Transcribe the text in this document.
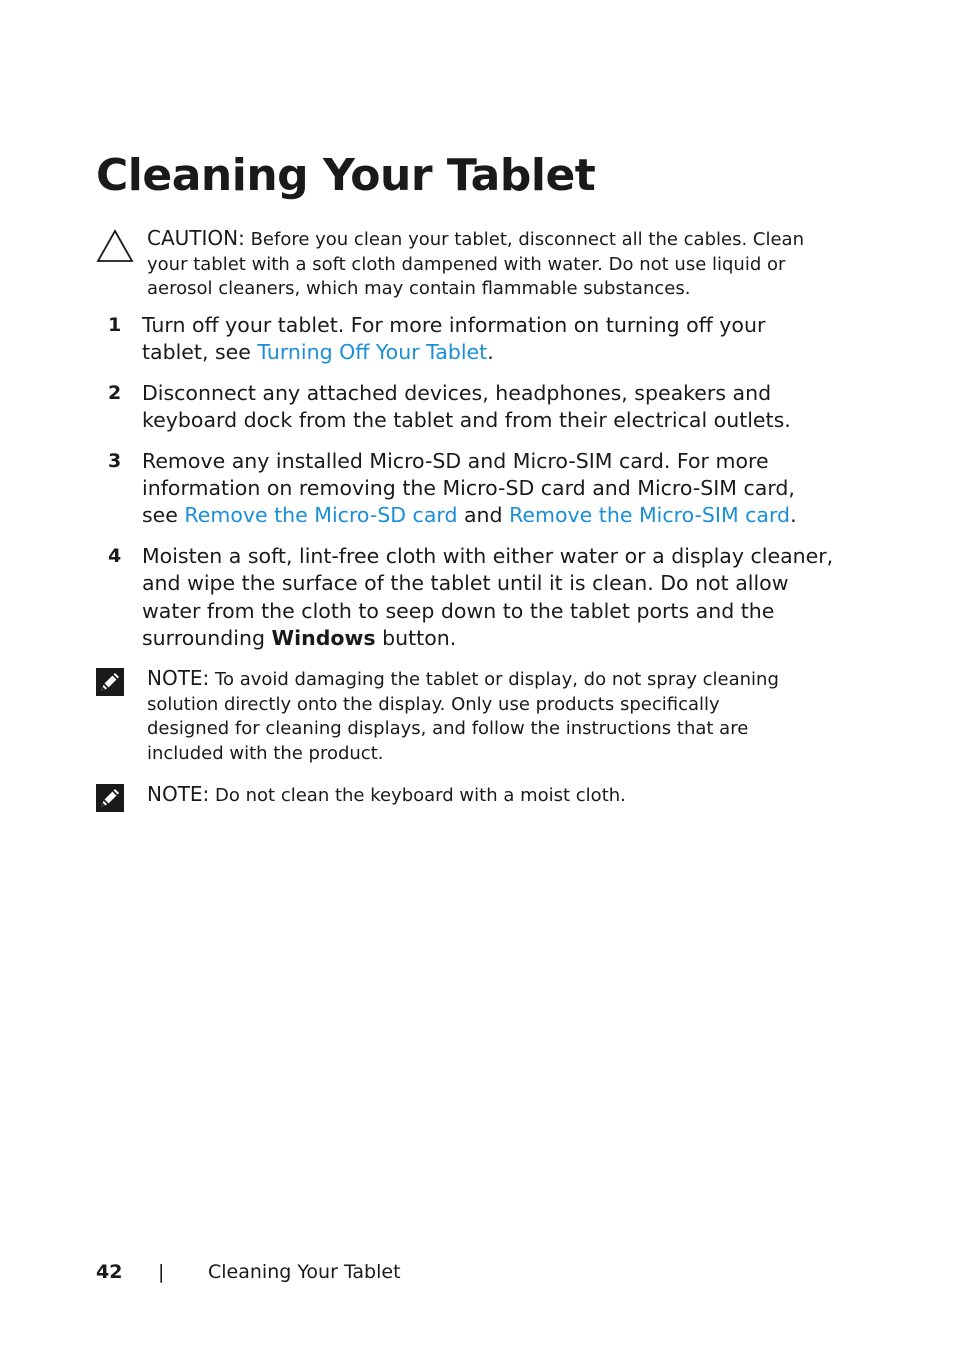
Cleaning Your Tablet
CAUTION: Before you clean your tablet, disconnect all the cables. Clean your tablet with a soft cloth dampened with water. Do not use liquid or aerosol cleaners, which may contain flammable substances.
1 Turn off your tablet. For more information on turning off your tablet, see Turning Off Your Tablet.
2 Disconnect any attached devices, headphones, speakers and keyboard dock from the tablet and from their electrical outlets.
3 Remove any installed Micro-SD and Micro-SIM card. For more information on removing the Micro-SD card and Micro-SIM card, see Remove the Micro-SD card and Remove the Micro-SIM card.
4 Moisten a soft, lint-free cloth with either water or a display cleaner, and wipe the surface of the tablet until it is clean. Do not allow water from the cloth to seep down to the tablet ports and the surrounding Windows button.
NOTE: To avoid damaging the tablet or display, do not spray cleaning solution directly onto the display. Only use products specifically designed for cleaning displays, and follow the instructions that are included with the product.
NOTE: Do not clean the keyboard with a moist cloth.
42 | Cleaning Your Tablet
